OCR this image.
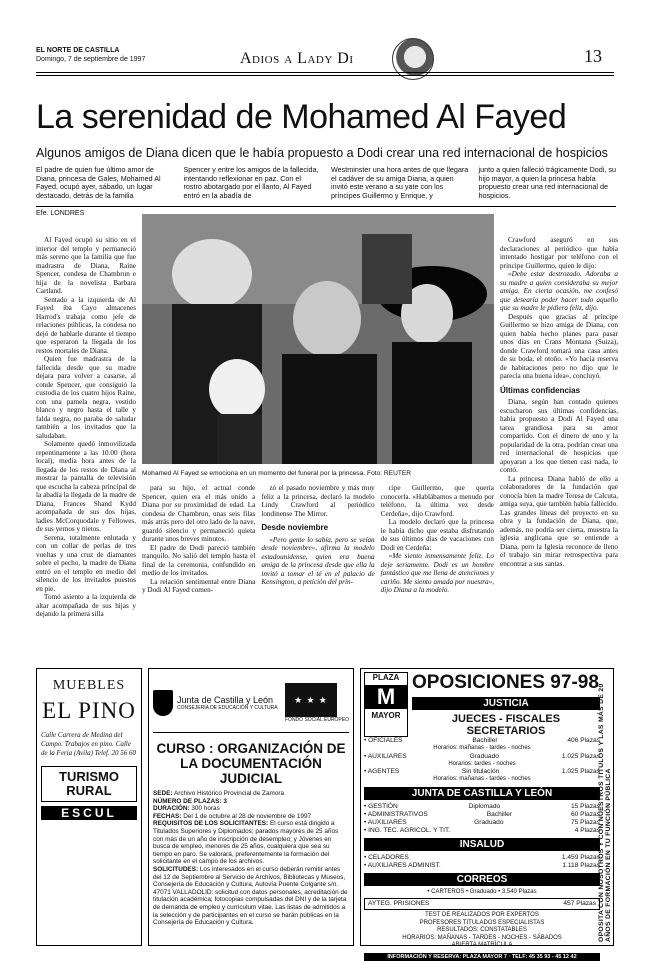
EL NORTE DE CASTILLA
Domingo, 7 de septiembre de 1997	Adios a Lady Di	13
La serenidad de Mohamed Al Fayed
Algunos amigos de Diana dicen que le había propuesto a Dodi crear una red internacional de hospicios
El padre de quien fue último amor de Diana, princesa de Gales, Mohamed Al Fayed, ocupó ayer, sábado, un lugar destacado, detrás de la familia
Spencer y entre los amigos de la fallecida, intentando reflexionar en paz. Con el rostro abotargado por el llanto, Al Fayed entró en la abadía de
Westminster una hora antes de que llegara el cadáver de su amiga Diana, a quien invitó este verano a su yate con los príncipes Guillermo y Enrique, y
junto a quien falleció trágicamente Dodi, su hijo mayor, a quien la princesa había propuesto crear una red internacional de hospicios.
Efe. LONDRES

Al Fayed ocupó su sitio en el interior del templo y permaneció más sereno que la familia que fue madrastra de Diana, Raine Spencer, condesa de Chambrun e hija de la novelista Barbara Cartland.

Sentado a la izquierda de Al Fayed iba Cayo almacenes Harrod's trabaja como jefe de relaciones públicas, la condesa no dejó de hablarle durante el tiempo que esperaron la llegada de los restos mortales de Diana.

Quien fue madrastra de la fallecida desde que su madre dejara para volver a casarse, al conde Spencer, que consiguió la custodia de los cuatro hijos Raine, con una pamela negra, vestido blanco y negro hasta el talle y falda negra, no paraba de saludar también a los invitados que la saludaban.

Solamente quedó inmovilizada repentinamente a las 10.00 (hora local), media hora antes de la llegada de los restos de Diana al mostrar la pantalla de televisión que escucha la cabeza principal de la abadía la llegada de la madre de Diana, Frances Shand Kydd acompañada de sus dos hijas, ladies McCorquodale y Fellowes, de sus yernos y nietos.

Serena, totalmente enlutada y con un collar de perlas de tres vueltas y una cruz de diamantes sobre el pecho, la madre de Diana entró en el templo en medio del silencio de los invitados puestos en pie.

Tomó asiento a la izquierda de altar acompañada de sus hijas y dejando la primera silla

Mohamed Al Fayed se emociona en un momento del funeral por la princesa. Foto: REUTER

para su hijo, el actual conde Spencer, quien era el más unido a Diana por su proximidad de edad. La condesa de Chambrun, unas seis filas más atrás pero del otro lado de la nave, guardó silencio y permaneció quieta durante unos breves minutos.

El padre de Dodi pareció también tranquilo. No salió del templo hasta el final de la ceremonia, confundido en medio de los invitados.

La relación sentimental entre Diana y Dodi Al Fayed comen-

zó el pasado noviembre y más muy feliz a la princesa, declaró la modelo Lindy Crawford al periódico londinense The Mirror.

Desde noviembre

«Pero gente lo sabía, pero se veían desde noviembre», afirma la modelo estadounidense, quien era buena amiga de la princesa desde que ella la invitó a tomar el té en el palacio de Kensington, a petición del prín-

cipe Guillermo, que quería conocerla. «Hablábamos a menudo por teléfono, la última vez desde Cerdeña», dijo Crawford.

La modelo declaró que la princesa le había dicho que estaba disfrutando de sus últimos días de vacaciones con Dodi en Cerdeña:

«Me siento inmensamente feliz. Lo deje seriamente. Dodi es un hombre fantástico que me llena de atenciones y cariño. Me siento amada por nuestra», dijo Diana a la modelo.

Crawford aseguró en sus declaraciones al periódico que había intentado hostigar por teléfono con el príncipe Guillermo, quien le dijo:

«Debe estar destrozado. Adoraba a su madre a quien consideraba su mejor amiga. En cierta ocasión, me confesó que desearía poder hacer todo aquello que su madre le pidiera feliz, dijo.

Después que gracias al príncipe Guillermo se hizo amiga de Diana, con quien había hecho planes para pasar unos días en Crans Montana (Suiza), donde Crawford tomará una casa antes de su boda, el otoño. «Yo hacía reserva de habitaciones pero no dijo que le parecía una buena idea», concluyó.

Últimas confidencias

Diana, según han contado quienes escucharon sus últimas confidencias, había propuesto a Dodi Al Fayed una tarea grandiosa para su amor compartido. Con el dinero de uno y la popularidad de la otra, podrían crear una red internacional de hospicios que apoyaran a los que tienen casi nada, le contó.

La princesa Diana habló de ello a colaboradores de la fundación que conocía bien la madre Teresa de Calcuta, amiga suya, que también había fallecido. Las grandes líneas del proyecto en su obra y la fundación de Diana, que, además, no podría ser cierta, muestra la iglesia anglicana que se entiende a Diana, pero la Iglesia reconoce de lleno el trabajo sin mirar retrospectiva para encontrar a sus santas.

MUEBLES
EL PINO
Calle Carrera de Medina del Campo. Trabajos en pino. Calle de la Feria (Avila) Telef. 20 56 60
TURISMO RURAL
ESCUL
Junta de Castilla y León
CONSEJERÍA DE EDUCACIÓN Y CULTURA
★ ★ ★
FONDO SOCIAL EUROPEO
CURSO : ORGANIZACIÓN DE LA DOCUMENTACIÓN JUDICIAL
SEDE: Archivo Histórico Provincial de Zamora
NÚMERO DE PLAZAS: 3
DURACIÓN: 300 horas
FECHAS: Del 1 de octubre al 28 de noviembre de 1997
REQUISITOS DE LOS SOLICITANTES: El curso está dirigido a Titulados Superiores y Diplomados; parados mayores de 25 años con más de un año de inscripción de desempleo; y Jóvenes en busca de empleo, menores de 25 años, cualquiera que sea su tiempo en paro. Se valorará, preferentemente la formación del solicitante en el campo de los archivos.
SOLICITUDES: Los interesados en el curso deberán remitir antes del 12 de Septiembre al Servicio de Archivos, Bibliotecas y Museos, Consejería de Educación y Cultura, Autovía Puente Colgante s/n. 47071 VALLADOLID: solicitud con datos personales, acreditación de titulación académica; fotocopias compulsadas del DNI y de la tarjeta de demanda de empleo y curriculum vitae. Las listas de admitidos a la selección y de participantes en el curso se harán públicas en la Consejería de Educación y Cultura.
PLAZA
M
MAYOR
OPOSICIONES 97-98
JUSTICIA
JUECES - FISCALES SECRETARIOS
• OFICIALES	Bachiller	406 Plazas
Horarios: mañanas - tardes - noches
• AUXILIARES	Graduado	1.025 Plazas
Horarios: tardes - noches
• AGENTES	Sin titulación	1.025 Plazas
Horarios: mañanas - tardes - noches
JUNTA DE CASTILLA Y LEÓN
• GESTIÓN	Diplomado	15 Plazas
• ADMINISTRATIVOS	Bachiller	60 Plazas
• AUXILIARES	Graduado	75 Plazas
• ING. TEC. AGRICOL. Y TIT.	4 Plazas
INSALUD
• CELADORES	1.459 Plazas
• AUXILIARES ADMINIST.	1.118 Plazas
CORREOS
• CARTEROS • Graduado • 3.540 Plazas
AYTEG. PRISIONES	457 Plazas
TEST DE REALIZADOS POR EXPERTOS
PROFESORES TITULADOS ESPECIALISTAS
RESULTADOS: CONSTATABLES
HORARIOS: MAÑANAS - TARDES - NOCHES - SÁBADOS
ABIERTA MATRÍCULA
INFORMACIÓN Y RESERVA: PLAZA MAYOR 7 · TELF: 45 35 93 - 45 12 42
OPOSITA CON NOSOTROS Y CON NUESTROS TITULOS Y LAS MÁS DE 20 AÑOS DE FORMACIÓN EN TU FUNCIÓN PÚBLICA
